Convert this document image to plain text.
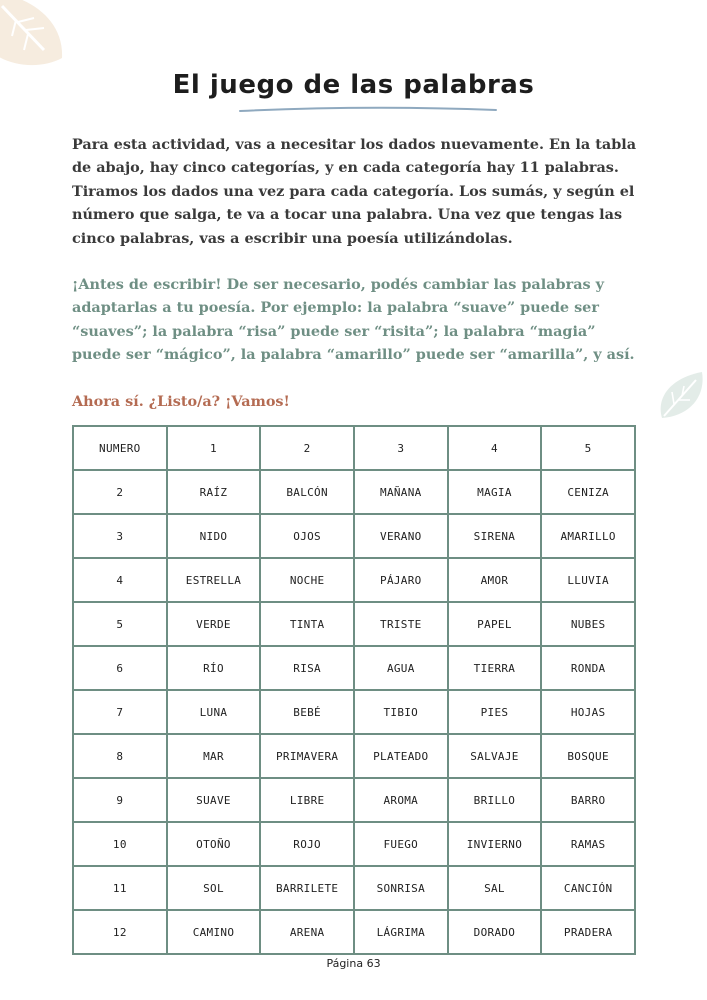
El juego de las palabras

Para esta actividad, vas a necesitar los dados nuevamente. En la tabla de abajo, hay cinco categorías, y en cada categoría hay 11 palabras. Tiramos los dados una vez para cada categoría. Los sumás, y según el número que salga, te va a tocar una palabra. Una vez que tengas las cinco palabras, vas a escribir una poesía utilizándolas.

¡Antes de escribir! De ser necesario, podés cambiar las palabras y adaptarlas a tu poesía. Por ejemplo: la palabra “suave” puede ser “suaves”; la palabra “risa” puede ser “risita”; la palabra “magia” puede ser “mágico”, la palabra “amarillo” puede ser “amarilla”, y así.

Ahora sí. ¿Listo/a? ¡Vamos!

NUMERO	1	2	3	4	5
2	RAÍZ	BALCÓN	MAÑANA	MAGIA	CENIZA
3	NIDO	OJOS	VERANO	SIRENA	AMARILLO
4	ESTRELLA	NOCHE	PÁJARO	AMOR	LLUVIA
5	VERDE	TINTA	TRISTE	PAPEL	NUBES
6	RÍO	RISA	AGUA	TIERRA	RONDA
7	LUNA	BEBÉ	TIBIO	PIES	HOJAS
8	MAR	PRIMAVERA	PLATEADO	SALVAJE	BOSQUE
9	SUAVE	LIBRE	AROMA	BRILLO	BARRO
10	OTOÑO	ROJO	FUEGO	INVIERNO	RAMAS
11	SOL	BARRILETE	SONRISA	SAL	CANCIÓN
12	CAMINO	ARENA	LÁGRIMA	DORADO	PRADERA
Página 63
